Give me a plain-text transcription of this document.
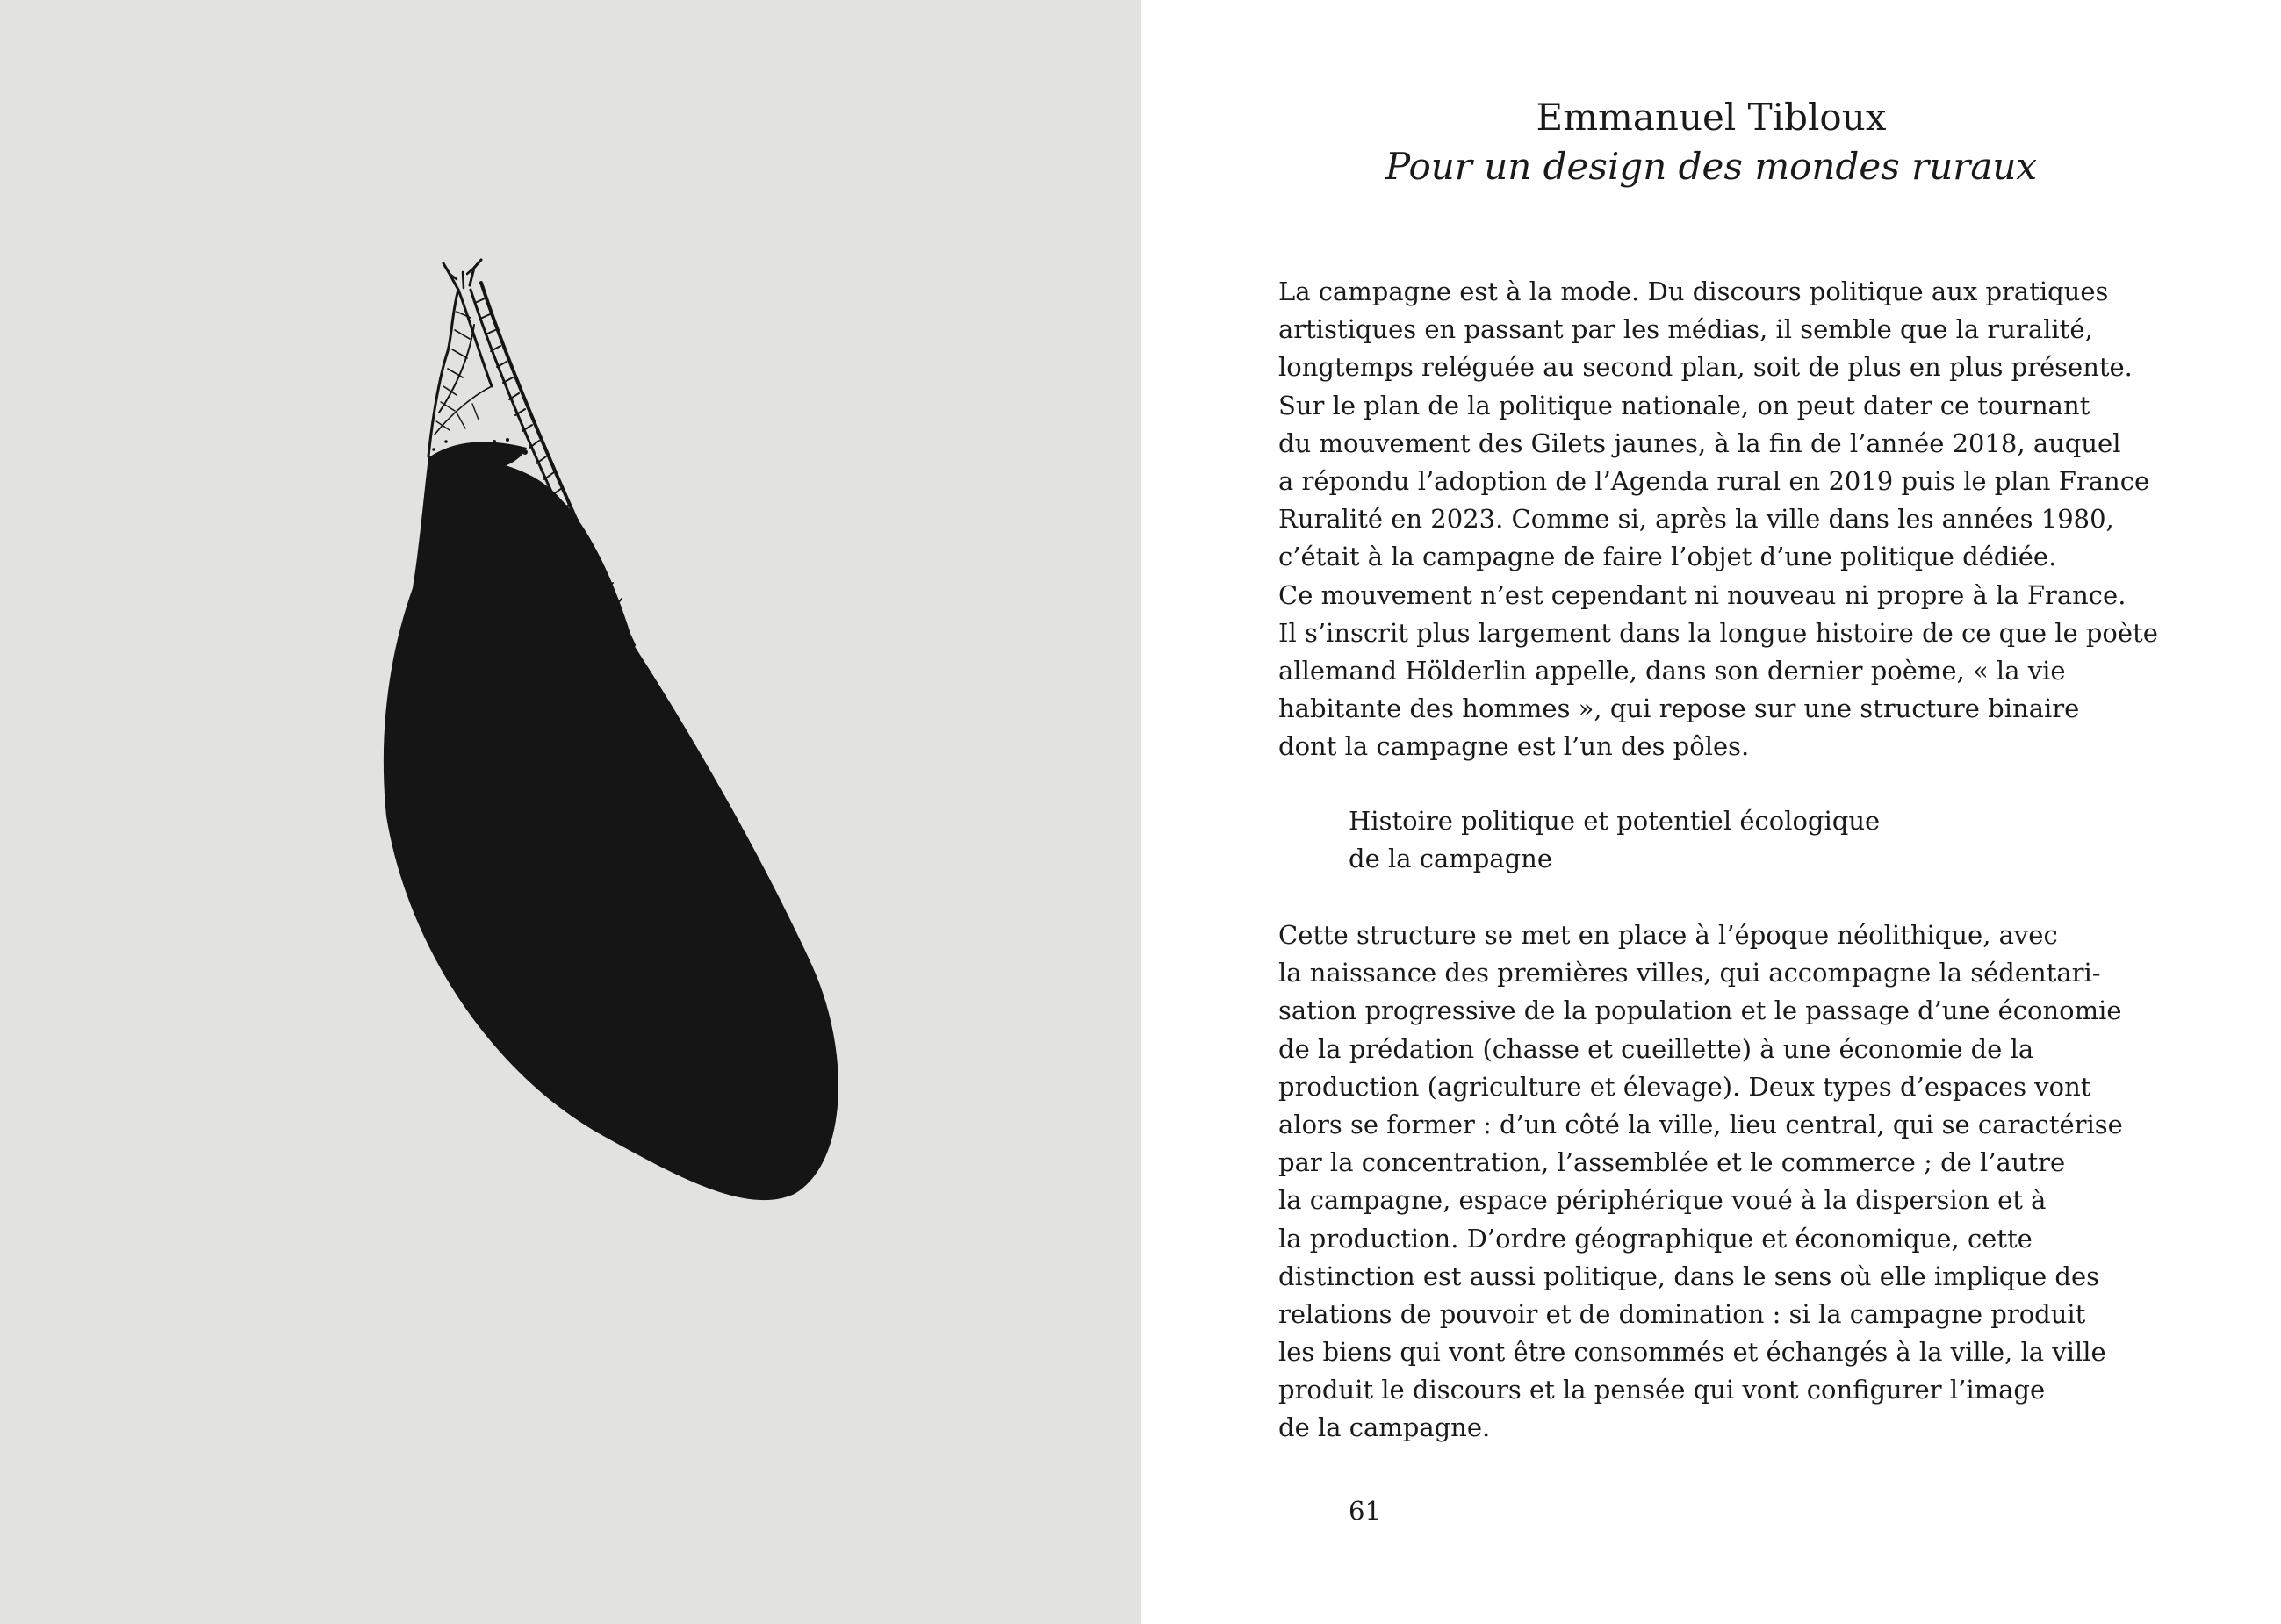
Emmanuel Tibloux
Pour un design des mondes ruraux
La campagne est à la mode. Du discours politique aux pratiques
artistiques en passant par les médias, il semble que la ruralité,
longtemps reléguée au second plan, soit de plus en plus présente.
Sur le plan de la politique nationale, on peut dater ce tournant
du mouvement des Gilets jaunes, à la fin de l’année 2018, auquel
a répondu l’adoption de l’Agenda rural en 2019 puis le plan France
Ruralité en 2023. Comme si, après la ville dans les années 1980,
c’était à la campagne de faire l’objet d’une politique dédiée.
Ce mouvement n’est cependant ni nouveau ni propre à la France.
Il s’inscrit plus largement dans la longue histoire de ce que le poète
allemand Hölderlin appelle, dans son dernier poème, « la vie
habitante des hommes », qui repose sur une structure binaire
dont la campagne est l’un des pôles.
Histoire politique et potentiel écologique
de la campagne
Cette structure se met en place à l’époque néolithique, avec
la naissance des premières villes, qui accompagne la sédentari-
sation progressive de la population et le passage d’une économie
de la prédation (chasse et cueillette) à une économie de la
production (agriculture et élevage). Deux types d’espaces vont
alors se former : d’un côté la ville, lieu central, qui se caractérise
par la concentration, l’assemblée et le commerce ; de l’autre
la campagne, espace périphérique voué à la dispersion et à
la production. D’ordre géographique et économique, cette
distinction est aussi politique, dans le sens où elle implique des
relations de pouvoir et de domination : si la campagne produit
les biens qui vont être consommés et échangés à la ville, la ville
produit le discours et la pensée qui vont configurer l’image
de la campagne.
61
